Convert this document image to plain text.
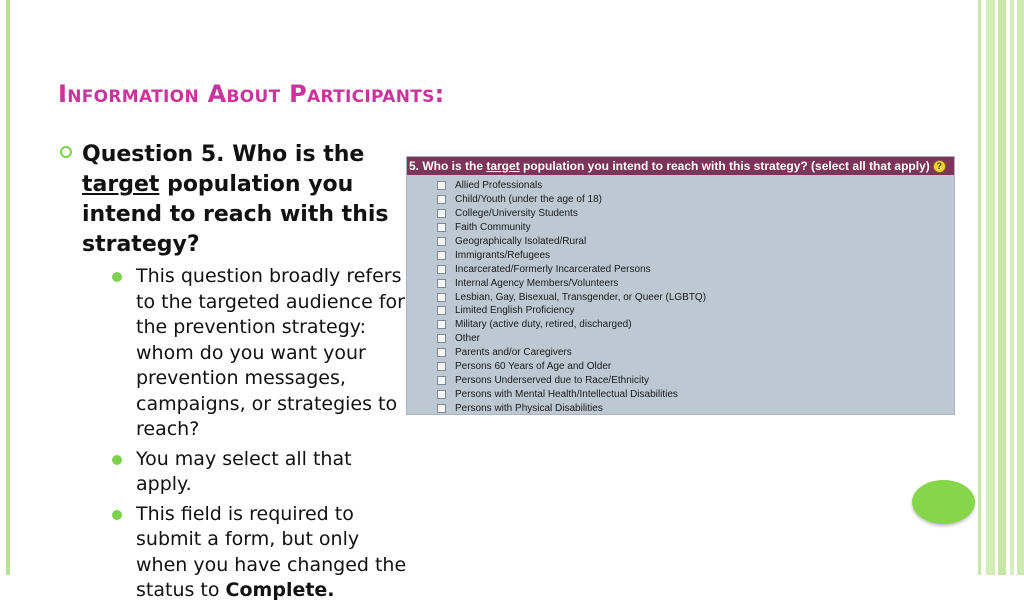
Information About Participants:
Question 5. Who is the target population you intend to reach with this strategy?
This question broadly refers to the targeted audience for the prevention strategy: whom do you want your prevention messages, campaigns, or strategies to reach?
You may select all that apply.
This field is required to submit a form, but only when you have changed the status to Complete.
5. Who is the target population you intend to reach with this strategy? (select all that apply) ?
Allied Professionals
Child/Youth (under the age of 18)
College/University Students
Faith Community
Geographically Isolated/Rural
Immigrants/Refugees
Incarcerated/Formerly Incarcerated Persons
Internal Agency Members/Volunteers
Lesbian, Gay, Bisexual, Transgender, or Queer (LGBTQ)
Limited English Proficiency
Military (active duty, retired, discharged)
Other
Parents and/or Caregivers
Persons 60 Years of Age and Older
Persons Underserved due to Race/Ethnicity
Persons with Mental Health/Intellectual Disabilities
Persons with Physical Disabilities
